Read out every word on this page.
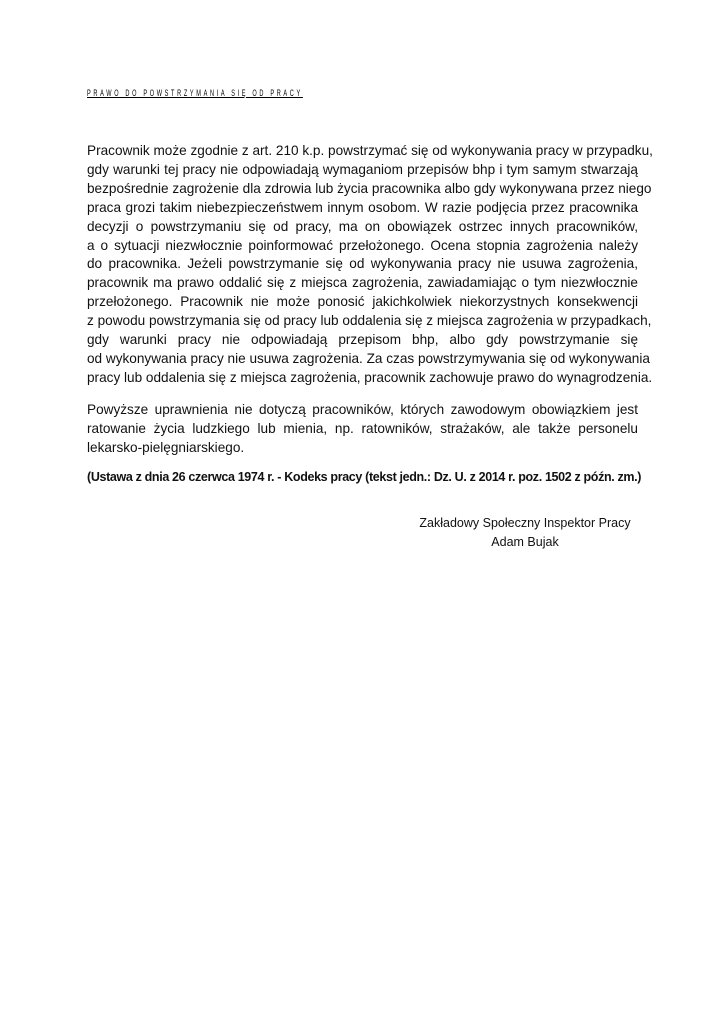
PRAWO DO POWSTRZYMANIA SIĘ OD PRACY
Pracownik może zgodnie z art. 210 k.p. powstrzymać się od wykonywania pracy w przypadku,
gdy warunki tej pracy nie odpowiadają wymaganiom przepisów bhp i tym samym stwarzają
bezpośrednie zagrożenie dla zdrowia lub życia pracownika albo gdy wykonywana przez niego
praca grozi takim niebezpieczeństwem innym osobom. W razie podjęcia przez pracownika
decyzji o powstrzymaniu się od pracy, ma on obowiązek ostrzec innych pracowników,
a o sytuacji niezwłocznie poinformować przełożonego. Ocena stopnia zagrożenia należy
do pracownika. Jeżeli powstrzymanie się od wykonywania pracy nie usuwa zagrożenia,
pracownik ma prawo oddalić się z miejsca zagrożenia, zawiadamiając o tym niezwłocznie
przełożonego. Pracownik nie może ponosić jakichkolwiek niekorzystnych konsekwencji
z powodu powstrzymania się od pracy lub oddalenia się z miejsca zagrożenia w przypadkach,
gdy warunki pracy nie odpowiadają przepisom bhp, albo gdy powstrzymanie się
od wykonywania pracy nie usuwa zagrożenia. Za czas powstrzymywania się od wykonywania
pracy lub oddalenia się z miejsca zagrożenia, pracownik zachowuje prawo do wynagrodzenia.
Powyższe uprawnienia nie dotyczą pracowników, których zawodowym obowiązkiem jest
ratowanie życia ludzkiego lub mienia, np. ratowników, strażaków, ale także personelu
lekarsko-pielęgniarskiego.
(Ustawa z dnia 26 czerwca 1974 r. - Kodeks pracy (tekst jedn.: Dz. U. z 2014 r. poz. 1502 z późn. zm.)
Zakładowy Społeczny Inspektor Pracy
Adam Bujak
